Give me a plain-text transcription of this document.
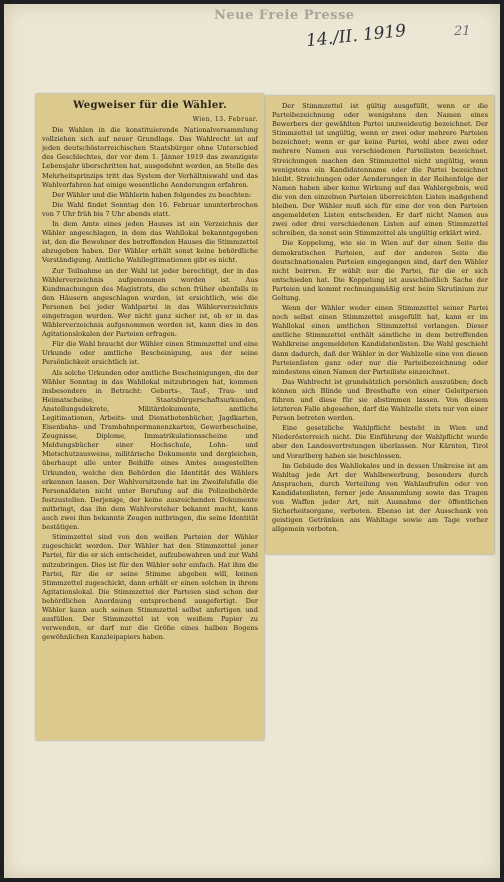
Neue Freie Presse
14./II. 1919	21
Wegweiser für die Wähler.
Wien, 13. Februar.

Die Wahlen in die konstituierende Nationalversammlung vollziehen sich auf neuer Grundlage. Das Wahlrecht ist auf jeden deutschösterreichischen Staatsbürger ohne Unterschied des Geschlechtes, der vor dem 1. Jänner 1919 das zwanzigste Lebensjahr überschritten hat, ausgedehnt worden, an Stelle des Mehrheitsprinzips tritt das System der Verhältniswahl und das Wahlverfahren hat einige wesentliche Aenderungen erfahren.

Der Wähler und die Wählerin haben folgendes zu beachten:

Die Wahl findet Sonntag den 16. Februar ununterbrochen von 7 Uhr früh bis 7 Uhr abends statt.

In dem Amte eines jeden Hauses ist ein Verzeichnis der Wähler angeschlagen, in dem das Wahllokal bekanntgegeben ist, den die Bewohner des betreffenden Hauses die Stimmzettel abzugeben haben. Der Wähler erhält sonst keine behördliche Verständigung. Amtliche Wahllegitimationen gibt es nicht.

Zur Teilnahme an der Wahl ist jeder berechtigt, der in das Wählerverzeichnis aufgenommen worden ist. Aus Kundmachungen des Magistrats, die schon früher ebenfalls in den Häusern angeschlagen wurden, ist ersichtlich, wie die Personen bei jeder Wahlpartei in das Wählerverzeichnis eingetragen wurden. Wer nicht ganz sicher ist, ob er in das Wählerverzeichnis aufgenommen worden ist, kann dies in den Agitationslokalen der Parteien erfragen.

Für die Wahl braucht der Wähler einen Stimmzettel und eine Urkunde oder amtliche Bescheinigung, aus der seine Persönlichkeit ersichtlich ist.

Als solche Urkunden oder amtliche Bescheinigungen, die der Wähler Sonntag in das Wahllokal mitzubringen hat, kommen insbesondere in Betracht: Geburts-, Tauf-, Trau- und Heimatscheine, Staatsbürgerschaftsurkunden, Anstellungsdekrete, Militärdokumente, amtliche Legitimationen, Arbeits- und Dienstbotenbücher, Jagdkarten, Eisenbahn- und Trambahnpermanenzkarten, Gewerbescheine, Zeugnisse, Diplome, Immatrikulationsscheine und Meldungsbücher einer Hochschule, Lohn- und Mietschutzausweise, militärische Dokumente und dergleichen, überhaupt alle unter Beihilfe eines Amtes ausgestellten Urkunden, welche den Behörden die Identität des Wählers erkennen lassen. Der Wahlvorsitzende hat im Zweifelsfalle die Personaldaten nicht unter Berufung auf die Polizeibehörde festzustellen. Derjenige, der keine ausreichenden Dokumente mitbringt, das ihn dem Wahlvorsteher bekannt macht, kann auch zwei ihm bekannte Zeugen mitbringen, die seine Identität bestätigen.

Stimmzettel sind von den weißen Parteien der Wähler zugeschickt worden. Der Wähler hat den Stimmzettel jener Partei, für die er sich entscheidet, aufzubewahren und zur Wahl mitzubringen. Dies ist für den Wähler sehr einfach. Hat ihm die Partei, für die er seine Stimme abgeben will, keinen Stimmzettel zugeschickt, dann erhält er einen solchen in ihrem Agitationslokal. Die Stimmzettel der Parteien sind schon der behördlichen Anordnung entsprechend ausgefertigt. Der Wähler kann auch seinen Stimmzettel selbst anfertigen und ausfüllen. Der Stimmzettel ist von weißem Papier zu verwenden, er darf nur die Größe eines halben Bogens gewöhnlichen Kanzleipapiers haben.

Der Stimmzettel ist gültig ausgefüllt, wenn er die Parteibezeichnung oder wenigstens den Namen eines Bewerbers der gewählten Partei unzweideutig bezeichnet. Der Stimmzettel ist ungültig, wenn er zwei oder mehrere Parteien bezeichnet; wenn er gar keine Partei, wohl aber zwei oder mehrere Namen aus verschiedenen Parteilisten bezeichnet. Streichungen machen den Stimmzettel nicht ungültig, wenn wenigstens ein Kandidatenname oder die Partei bezeichnet bleibt. Streichungen oder Aenderungen in der Reihenfolge der Namen haben aber keine Wirkung auf das Wahlergebnis, weil die von den einzelnen Parteien überreichten Listen maßgebend bleiben. Der Wähler muß sich für eine der von den Parteien angemeldeten Listen entscheiden. Er darf nicht Namen aus zwei oder drei verschiedenen Listen auf einen Stimmzettel schreiben, da sonst sein Stimmzettel als ungültig erklärt wird.

Die Koppelung, wie sie in Wien auf der einen Seite die demokratischen Parteien, auf der anderen Seite die deutschnationalen Parteien eingegangen sind, darf den Wähler nicht beirren. Er wählt nur die Partei, für die er sich entschieden hat. Die Koppelung ist ausschließlich Sache der Parteien und kommt rechnungsmäßig erst beim Skrutinium zur Geltung.

Wenn der Wähler weder einen Stimmzettel seiner Partei noch selbst einen Stimmzettel ausgefüllt hat, kann er im Wahllokal einen amtlichen Stimmzettel verlangen. Dieser amtliche Stimmzettel enthält sämtliche in dem betreffenden Wahlkreise angemeldeten Kandidatenlisten. Die Wahl geschieht dann dadurch, daß der Wähler in der Wahlzelle eine von diesen Parteienlisten ganz oder nur die Parteibezeichnung oder mindestens einen Namen der Parteiliste einzeichnet.

Das Wahlrecht ist grundsätzlich persönlich auszuüben; doch können sich Blinde und Bresthafte von einer Geleitperson führen und diese für sie abstimmen lassen. Von diesem letzteren Falle abgesehen, darf die Wahlzelle stets nur von einer Person betreten werden.

Eine gesetzliche Wahlpflicht besteht in Wien und Niederösterreich nicht. Die Einführung der Wahlpflicht wurde aber den Landesvertretungen überlassen. Nur Kärnten, Tirol und Vorarlberg haben sie beschlossen.

Im Gebäude des Wahllokales und in dessen Umkreise ist am Wahltag jede Art der Wahlbewerbung, besonders durch Ansprachen, durch Verteilung von Wahlaufrufen oder von Kandidatenlisten, ferner jede Ansammlung sowie das Tragen von Waffen jeder Art, mit Ausnahme der öffentlichen Sicherheitsorgane, verboten. Ebenso ist der Ausschank von geistigen Getränken am Wahltage sowie am Tage vorher allgemein verboten.
